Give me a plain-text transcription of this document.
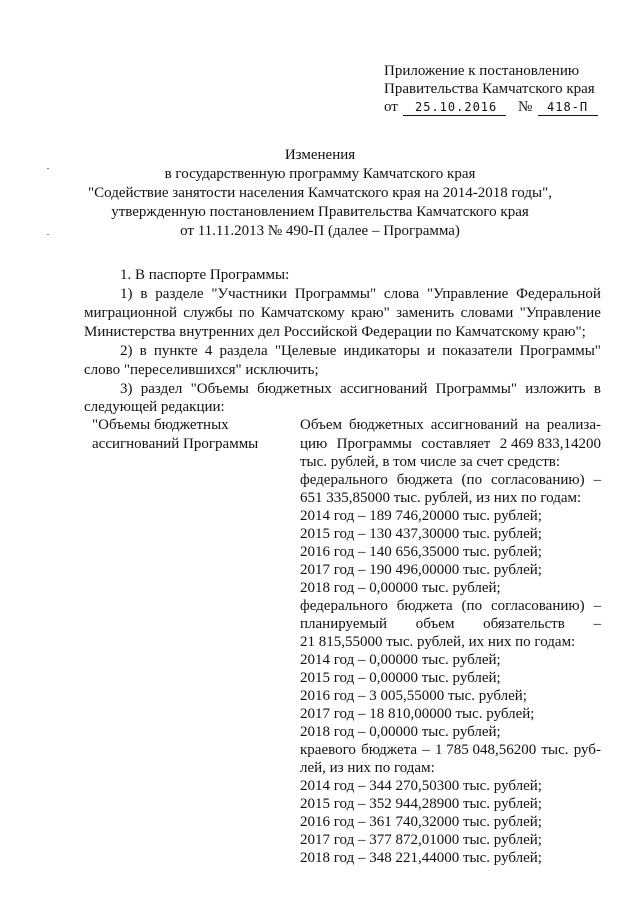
Приложение к постановлению
Правительства Камчатского края
от 25.10.2016 № 418-П
Изменения
в государственную программу Камчатского края
"Содействие занятости населения Камчатского края на 2014-2018 годы",
утвержденную постановлением Правительства Камчатского края
от 11.11.2013 № 490-П (далее – Программа)
1. В паспорте Программы:
1) в разделе "Участники Программы" слова "Управление Федеральной
миграционной службы по Камчатскому краю" заменить словами "Управление
Министерства внутренних дел Российской Федерации по Камчатскому краю";
2) в пункте 4 раздела "Целевые индикаторы и показатели Программы"
слово "переселившихся" исключить;
3) раздел "Объемы бюджетных ассигнований Программы" изложить в
следующей редакции:
"Объемы бюджетных
ассигнований Программы
Объем бюджетных ассигнований на реализа-
цию Программы составляет 2 469 833,14200
тыс. рублей, в том числе за счет средств:
федерального бюджета (по согласованию) –
651 335,85000 тыс. рублей, из них по годам:
2014 год – 189 746,20000 тыс. рублей;
2015 год – 130 437,30000 тыс. рублей;
2016 год – 140 656,35000 тыс. рублей;
2017 год – 190 496,00000 тыс. рублей;
2018 год – 0,00000 тыс. рублей;
федерального бюджета (по согласованию) –
планируемый объем обязательств –
21 815,55000 тыс. рублей, их них по годам:
2014 год – 0,00000 тыс. рублей;
2015 год – 0,00000 тыс. рублей;
2016 год – 3 005,55000 тыс. рублей;
2017 год – 18 810,00000 тыс. рублей;
2018 год – 0,00000 тыс. рублей;
краевого бюджета – 1 785 048,56200 тыс. руб-
лей, из них по годам:
2014 год – 344 270,50300 тыс. рублей;
2015 год – 352 944,28900 тыс. рублей;
2016 год – 361 740,32000 тыс. рублей;
2017 год – 377 872,01000 тыс. рублей;
2018 год – 348 221,44000 тыс. рублей;
